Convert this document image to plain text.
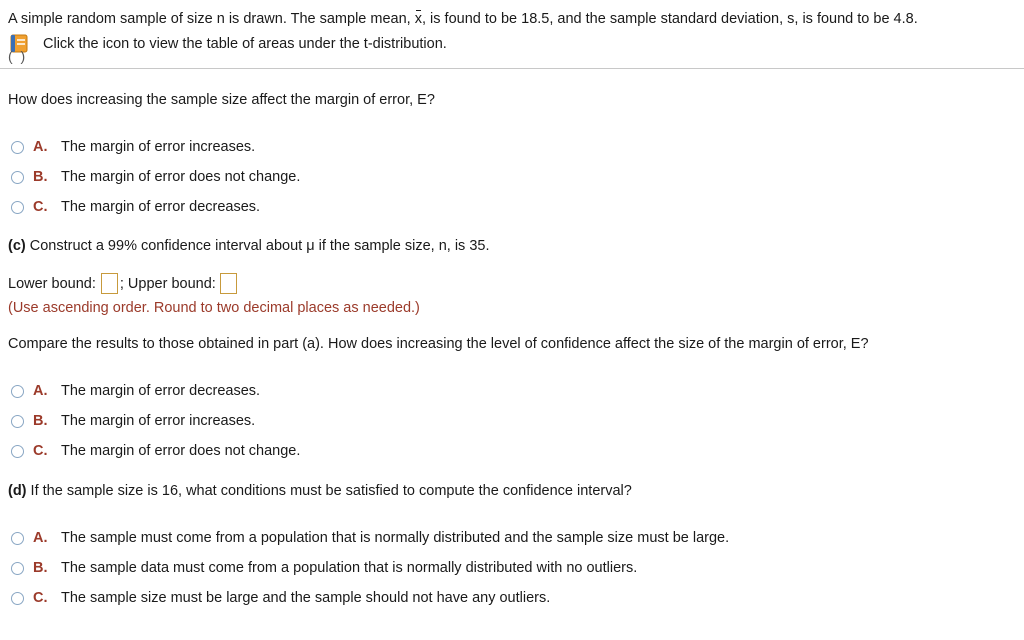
A simple random sample of size n is drawn. The sample mean, x, is found to be 18.5, and the sample standard deviation, s, is found to be 4.8.
Click the icon to view the table of areas under the t-distribution.
( )
How does increasing the sample size affect the margin of error, E?
A. The margin of error increases.
B. The margin of error does not change.
C. The margin of error decreases.
(c) Construct a 99% confidence interval about μ if the sample size, n, is 35.
Lower bound: ; Upper bound:
(Use ascending order. Round to two decimal places as needed.)
Compare the results to those obtained in part (a). How does increasing the level of confidence affect the size of the margin of error, E?
A. The margin of error decreases.
B. The margin of error increases.
C. The margin of error does not change.
(d) If the sample size is 16, what conditions must be satisfied to compute the confidence interval?
A. The sample must come from a population that is normally distributed and the sample size must be large.
B. The sample data must come from a population that is normally distributed with no outliers.
C. The sample size must be large and the sample should not have any outliers.
